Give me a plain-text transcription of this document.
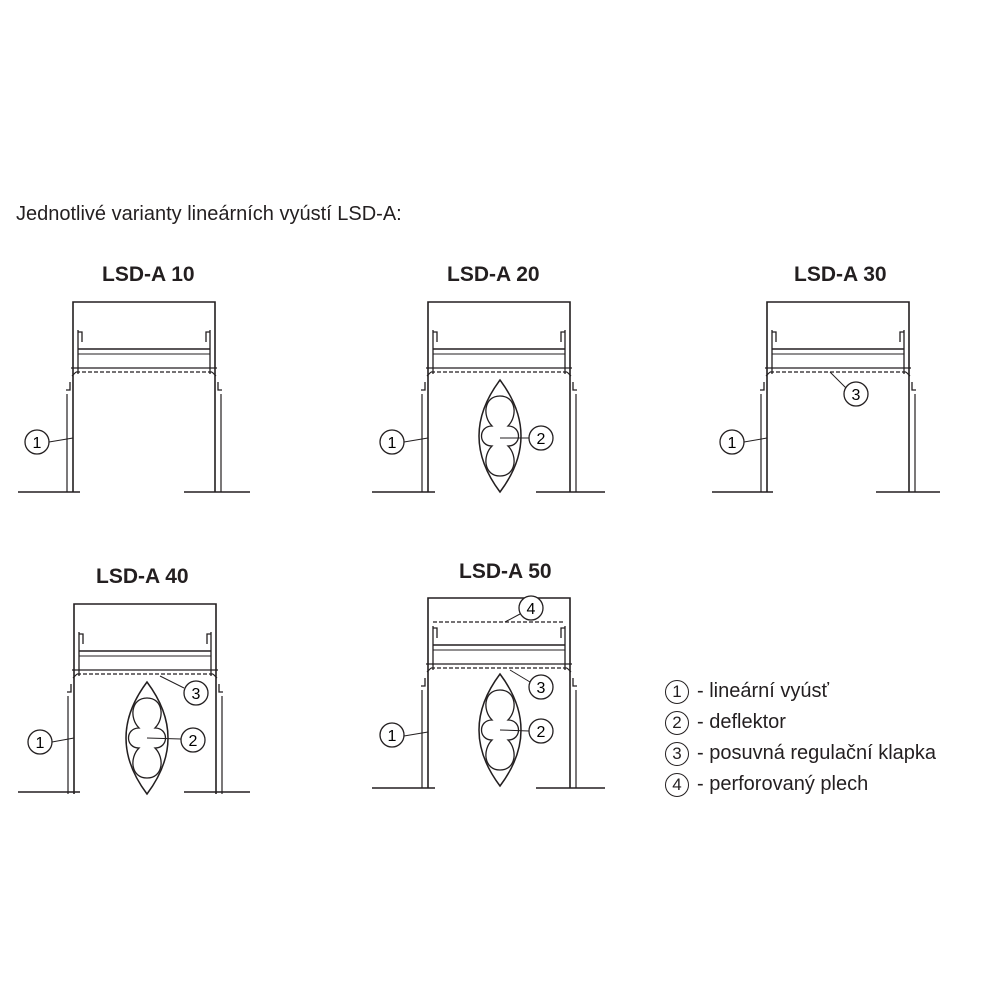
Jednotlivé varianty lineárních vyústí LSD-A:
LSD-A 10	LSD-A 20	LSD-A 30
LSD-A 40	LSD-A 50
1	1	2	1
3
1	2
3
1	2
3
4
1 - lineární vyúsť
2 - deflektor
3 - posuvná regulační klapka
4 - perforovaný plech
